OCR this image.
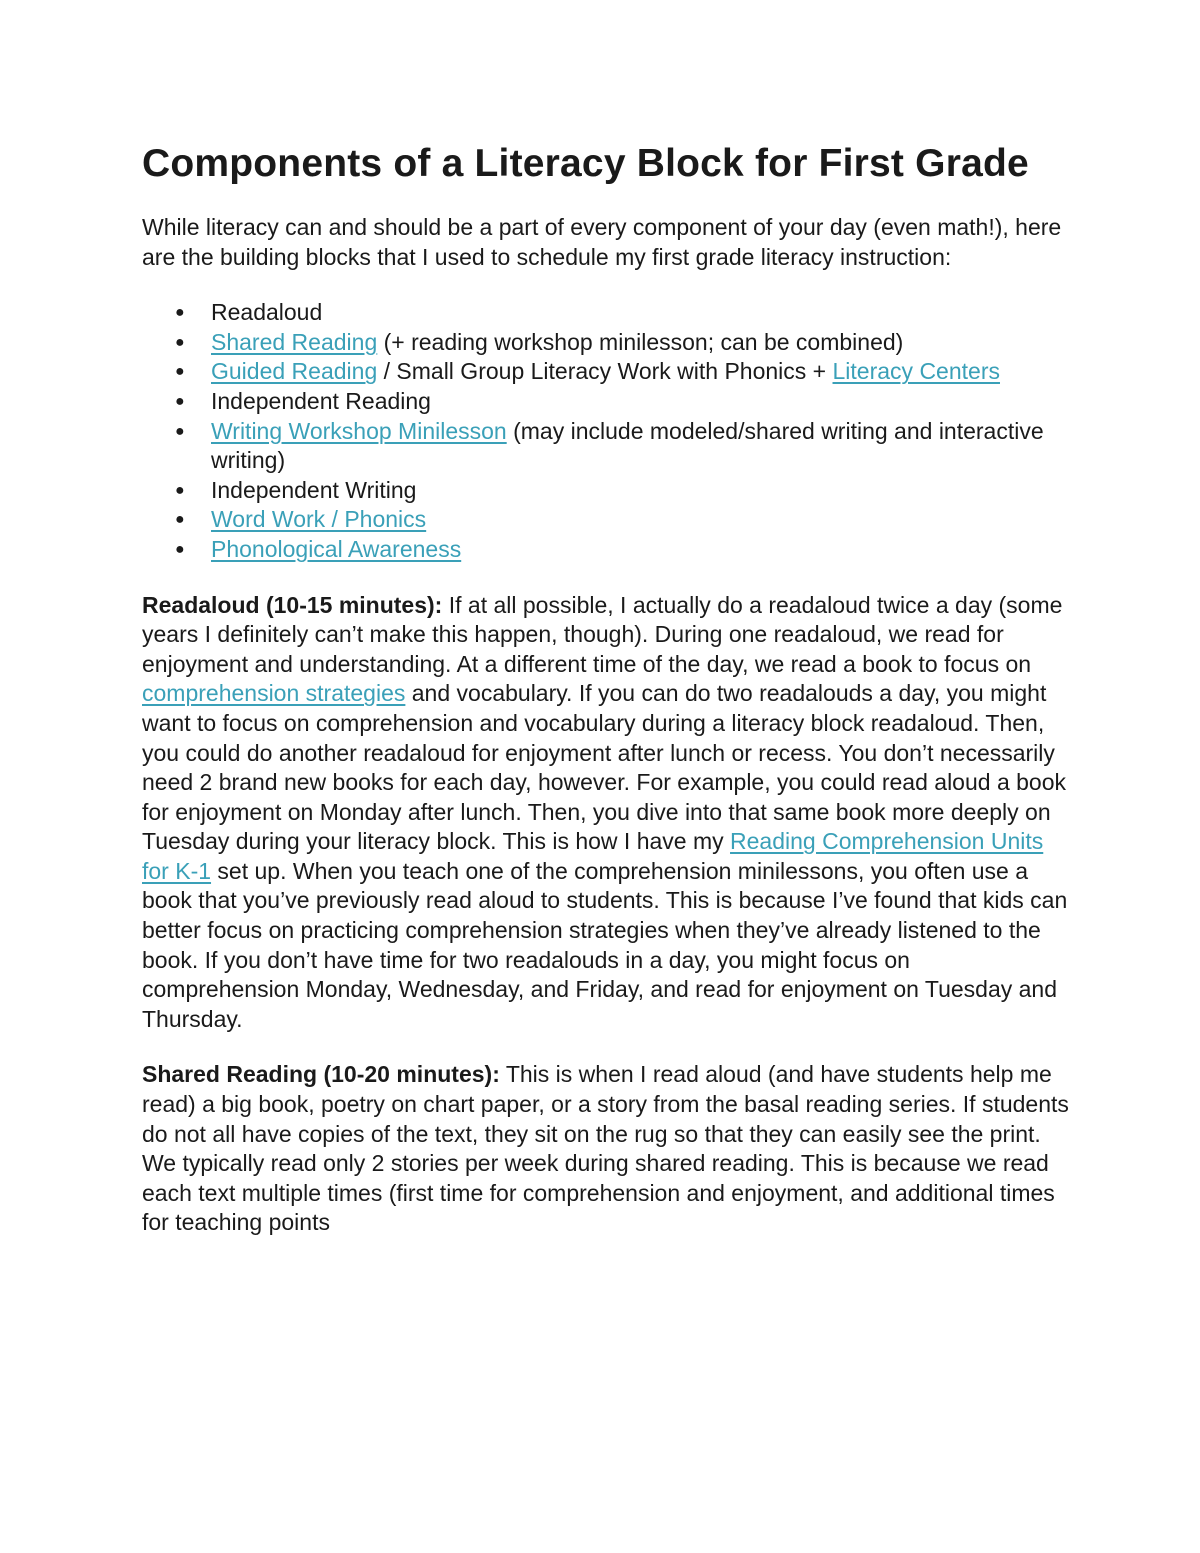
Components of a Literacy Block for First Grade

While literacy can and should be a part of every component of your day (even math!), here are the building blocks that I used to schedule my first grade literacy instruction:

● Readaloud
● Shared Reading (+ reading workshop minilesson; can be combined)
● Guided Reading / Small Group Literacy Work with Phonics + Literacy Centers
● Independent Reading
● Writing Workshop Minilesson (may include modeled/shared writing and interactive writing)
● Independent Writing
● Word Work / Phonics
● Phonological Awareness

Readaloud (10-15 minutes): If at all possible, I actually do a readaloud twice a day (some years I definitely can’t make this happen, though). During one readaloud, we read for enjoyment and understanding. At a different time of the day, we read a book to focus on comprehension strategies and vocabulary. If you can do two readalouds a day, you might want to focus on comprehension and vocabulary during a literacy block readaloud. Then, you could do another readaloud for enjoyment after lunch or recess. You don’t necessarily need 2 brand new books for each day, however. For example, you could read aloud a book for enjoyment on Monday after lunch. Then, you dive into that same book more deeply on Tuesday during your literacy block. This is how I have my Reading Comprehension Units for K-1 set up. When you teach one of the comprehension minilessons, you often use a book that you’ve previously read aloud to students. This is because I’ve found that kids can better focus on practicing comprehension strategies when they’ve already listened to the book. If you don’t have time for two readalouds in a day, you might focus on comprehension Monday, Wednesday, and Friday, and read for enjoyment on Tuesday and Thursday.

Shared Reading (10-20 minutes): This is when I read aloud (and have students help me read) a big book, poetry on chart paper, or a story from the basal reading series. If students do not all have copies of the text, they sit on the rug so that they can easily see the print. We typically read only 2 stories per week during shared reading. This is because we read each text multiple times (first time for comprehension and enjoyment, and additional times for teaching points
